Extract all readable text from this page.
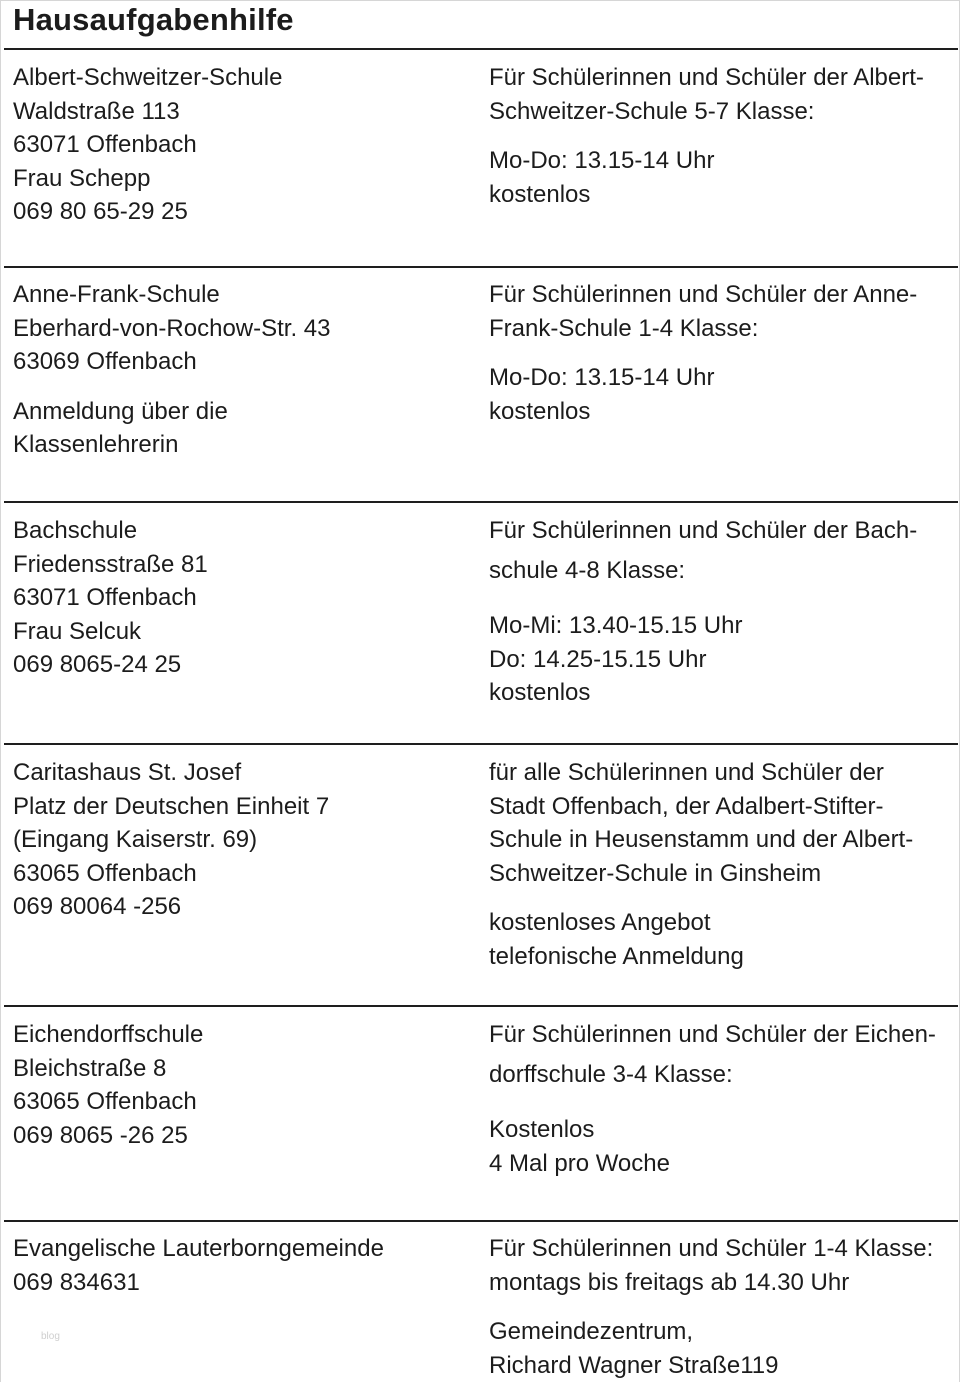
Hausaufgabenhilfe
Albert-Schweitzer-Schule
Waldstraße 113
63071 Offenbach
Frau Schepp
069 80 65-29 25
Für Schülerinnen und Schüler der Albert-
Schweitzer-Schule 5-7 Klasse:
Mo-Do: 13.15-14 Uhr
kostenlos
Anne-Frank-Schule
Eberhard-von-Rochow-Str. 43
63069 Offenbach
Anmeldung über die
Klassenlehrerin
Für Schülerinnen und Schüler der Anne-
Frank-Schule 1-4 Klasse:
Mo-Do: 13.15-14 Uhr
kostenlos
Bachschule
Friedensstraße 81
63071 Offenbach
Frau Selcuk
069 8065-24 25
Für Schülerinnen und Schüler der Bach-
schule 4-8 Klasse:
Mo-Mi: 13.40-15.15 Uhr
Do: 14.25-15.15 Uhr
kostenlos
Caritashaus St. Josef
Platz der Deutschen Einheit 7
(Eingang Kaiserstr. 69)
63065 Offenbach
069 80064 -256
für alle Schülerinnen und Schüler der
Stadt Offenbach, der Adalbert-Stifter-
Schule in Heusenstamm und der Albert-
Schweitzer-Schule in Ginsheim
kostenloses Angebot
telefonische Anmeldung
Eichendorffschule
Bleichstraße 8
63065 Offenbach
069 8065 -26 25
Für Schülerinnen und Schüler der Eichen-
dorffschule 3-4 Klasse:
Kostenlos
4 Mal pro Woche
Evangelische Lauterborngemeinde
069 834631
Für Schülerinnen und Schüler 1-4 Klasse:
montags bis freitags ab 14.30 Uhr
Gemeindezentrum,
Richard Wagner Straße119
blog
